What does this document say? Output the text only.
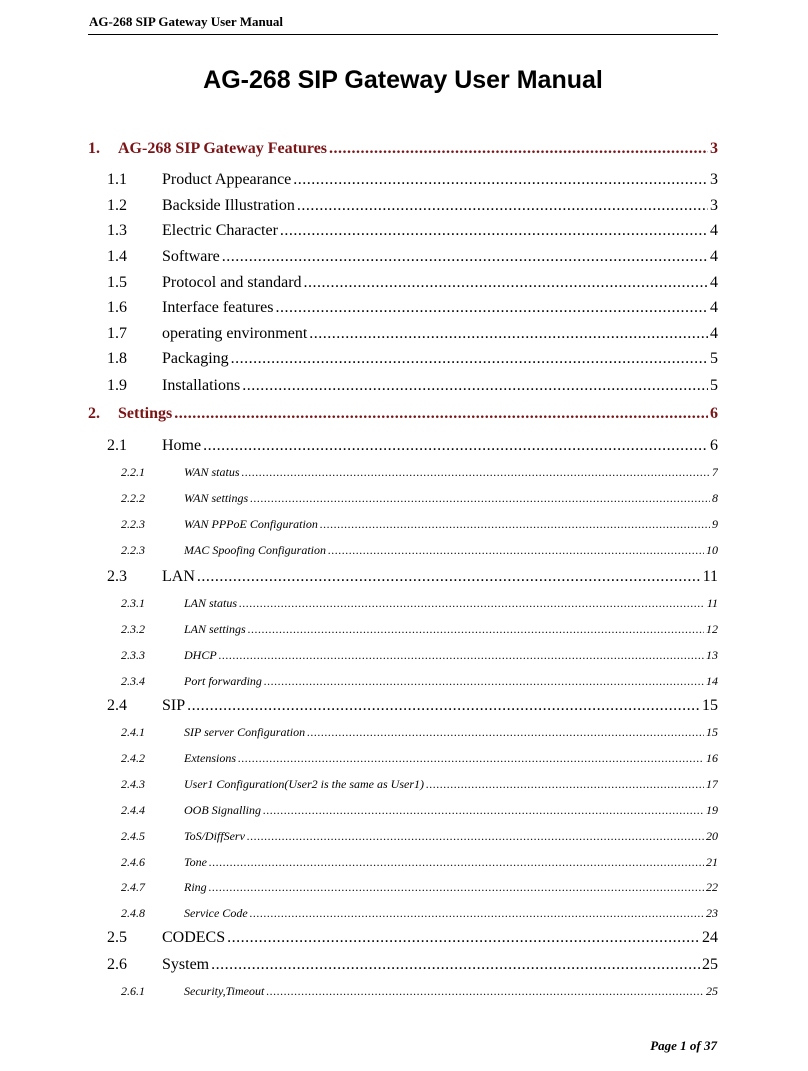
AG-268 SIP Gateway User Manual
AG-268 SIP Gateway User Manual
1. AG-268 SIP Gateway Features .....	3
1.1 Product Appearance .....	3
1.2 Backside Illustration .....	3
1.3 Electric Character .....	4
1.4 Software .....	4
1.5 Protocol and standard .....	4
1.6 Interface features .....	4
1.7 operating environment .....	4
1.8 Packaging .....	5
1.9 Installations .....	5
2. Settings .....	6
2.1 Home .....	6
2.2.1	WAN status .....	7
2.2.2	WAN settings .....	8
2.2.3	WAN PPPoE Configuration .....	9
2.2.3	MAC Spoofing Configuration .....	10
2.3 LAN .....	11
2.3.1	LAN status .....	11
2.3.2	LAN settings .....	12
2.3.3	DHCP .....	13
2.3.4	Port forwarding .....	14
2.4 SIP .....	15
2.4.1	SIP server Configuration .....	15
2.4.2	Extensions .....	16
2.4.3	User1 Configuration(User2 is the same as User1) .....	17
2.4.4	OOB Signalling .....	19
2.4.5	ToS/DiffServ .....	20
2.4.6	Tone .....	21
2.4.7	Ring .....	22
2.4.8	Service Code .....	23
2.5 CODECS .....	24
2.6 System .....	25
2.6.1	Security,Timeout .....	25
Page 1 of 37
